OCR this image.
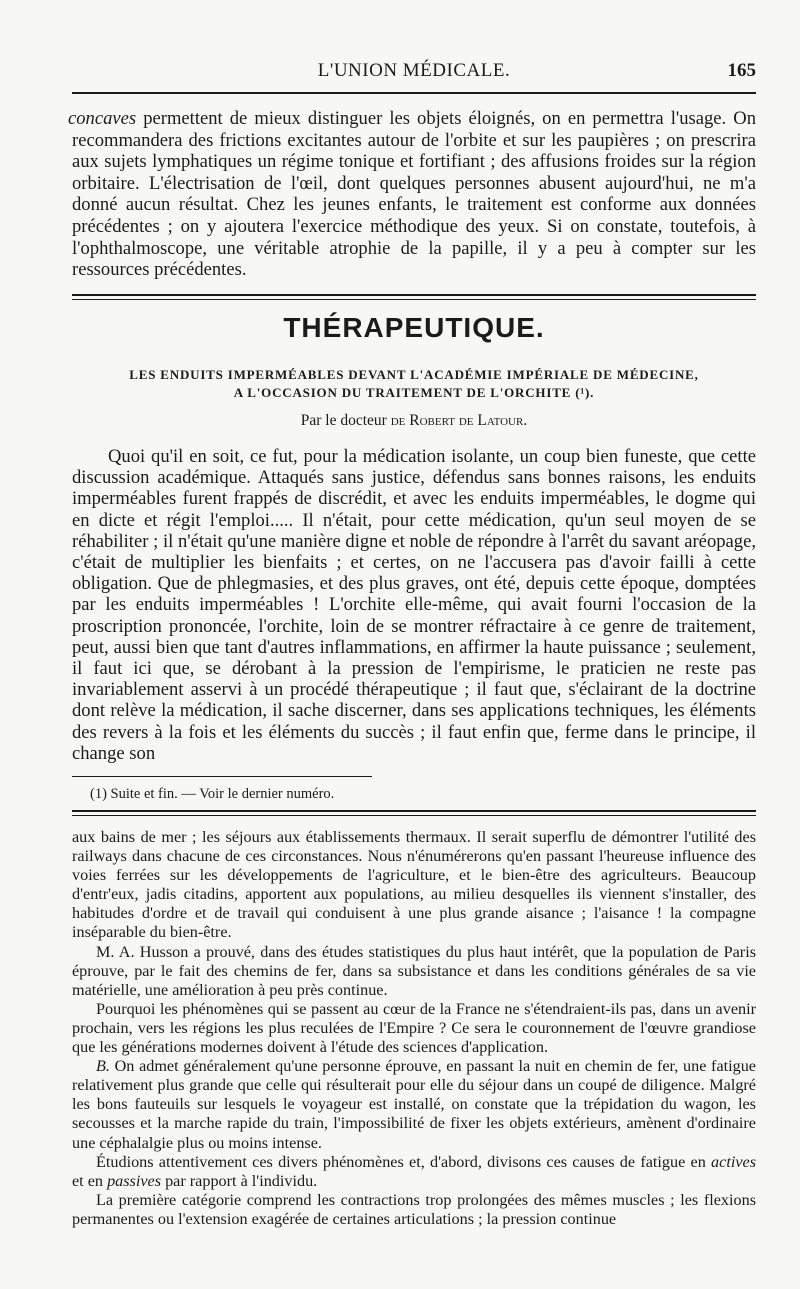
L'UNION MÉDICALE.	165

concaves permettent de mieux distinguer les objets éloignés, on en permettra l'usage. On recommandera des frictions excitantes autour de l'orbite et sur les paupières ; on prescrira aux sujets lymphatiques un régime tonique et fortifiant ; des affusions froides sur la région orbitaire. L'électrisation de l'œil, dont quelques personnes abusent aujourd'hui, ne m'a donné aucun résultat. Chez les jeunes enfants, le traitement est conforme aux données précédentes ; on y ajoutera l'exercice méthodique des yeux. Si on constate, toutefois, à l'ophthalmoscope, une véritable atrophie de la papille, il y a peu à compter sur les ressources précédentes.

THÉRAPEUTIQUE.
LES ENDUITS IMPERMÉABLES DEVANT L'ACADÉMIE IMPÉRIALE DE MÉDECINE,
A L'OCCASION DU TRAITEMENT DE L'ORCHITE (¹).
Par le docteur de Robert de Latour.

Quoi qu'il en soit, ce fut, pour la médication isolante, un coup bien funeste, que cette discussion académique. Attaqués sans justice, défendus sans bonnes raisons, les enduits imperméables furent frappés de discrédit, et avec les enduits imperméables, le dogme qui en dicte et régit l'emploi..... Il n'était, pour cette médication, qu'un seul moyen de se réhabiliter ; il n'était qu'une manière digne et noble de répondre à l'arrêt du savant aréopage, c'était de multiplier les bienfaits ; et certes, on ne l'accusera pas d'avoir failli à cette obligation. Que de phlegmasies, et des plus graves, ont été, depuis cette époque, domptées par les enduits imperméables ! L'orchite elle-même, qui avait fourni l'occasion de la proscription prononcée, l'orchite, loin de se montrer réfractaire à ce genre de traitement, peut, aussi bien que tant d'autres inflammations, en affirmer la haute puissance ; seulement, il faut ici que, se dérobant à la pression de l'empirisme, le praticien ne reste pas invariablement asservi à un procédé thérapeutique ; il faut que, s'éclairant de la doctrine dont relève la médication, il sache discerner, dans ses applications techniques, les éléments des revers à la fois et les éléments du succès ; il faut enfin que, ferme dans le principe, il change son

(1) Suite et fin. — Voir le dernier numéro.

aux bains de mer ; les séjours aux établissements thermaux. Il serait superflu de démontrer l'utilité des railways dans chacune de ces circonstances. Nous n'énumérerons qu'en passant l'heureuse influence des voies ferrées sur les développements de l'agriculture, et le bien-être des agriculteurs. Beaucoup d'entr'eux, jadis citadins, apportent aux populations, au milieu desquelles ils viennent s'installer, des habitudes d'ordre et de travail qui conduisent à une plus grande aisance ; l'aisance ! la compagne inséparable du bien-être.

M. A. Husson a prouvé, dans des études statistiques du plus haut intérêt, que la population de Paris éprouve, par le fait des chemins de fer, dans sa subsistance et dans les conditions générales de sa vie matérielle, une amélioration à peu près continue.

Pourquoi les phénomènes qui se passent au cœur de la France ne s'étendraient-ils pas, dans un avenir prochain, vers les régions les plus reculées de l'Empire ? Ce sera le couronnement de l'œuvre grandiose que les générations modernes doivent à l'étude des sciences d'application.

B. On admet généralement qu'une personne éprouve, en passant la nuit en chemin de fer, une fatigue relativement plus grande que celle qui résulterait pour elle du séjour dans un coupé de diligence. Malgré les bons fauteuils sur lesquels le voyageur est installé, on constate que la trépidation du wagon, les secousses et la marche rapide du train, l'impossibilité de fixer les objets extérieurs, amènent d'ordinaire une céphalalgie plus ou moins intense.

Étudions attentivement ces divers phénomènes et, d'abord, divisons ces causes de fatigue en actives et en passives par rapport à l'individu.

La première catégorie comprend les contractions trop prolongées des mêmes muscles ; les flexions permanentes ou l'extension exagérée de certaines articulations ; la pression continue
